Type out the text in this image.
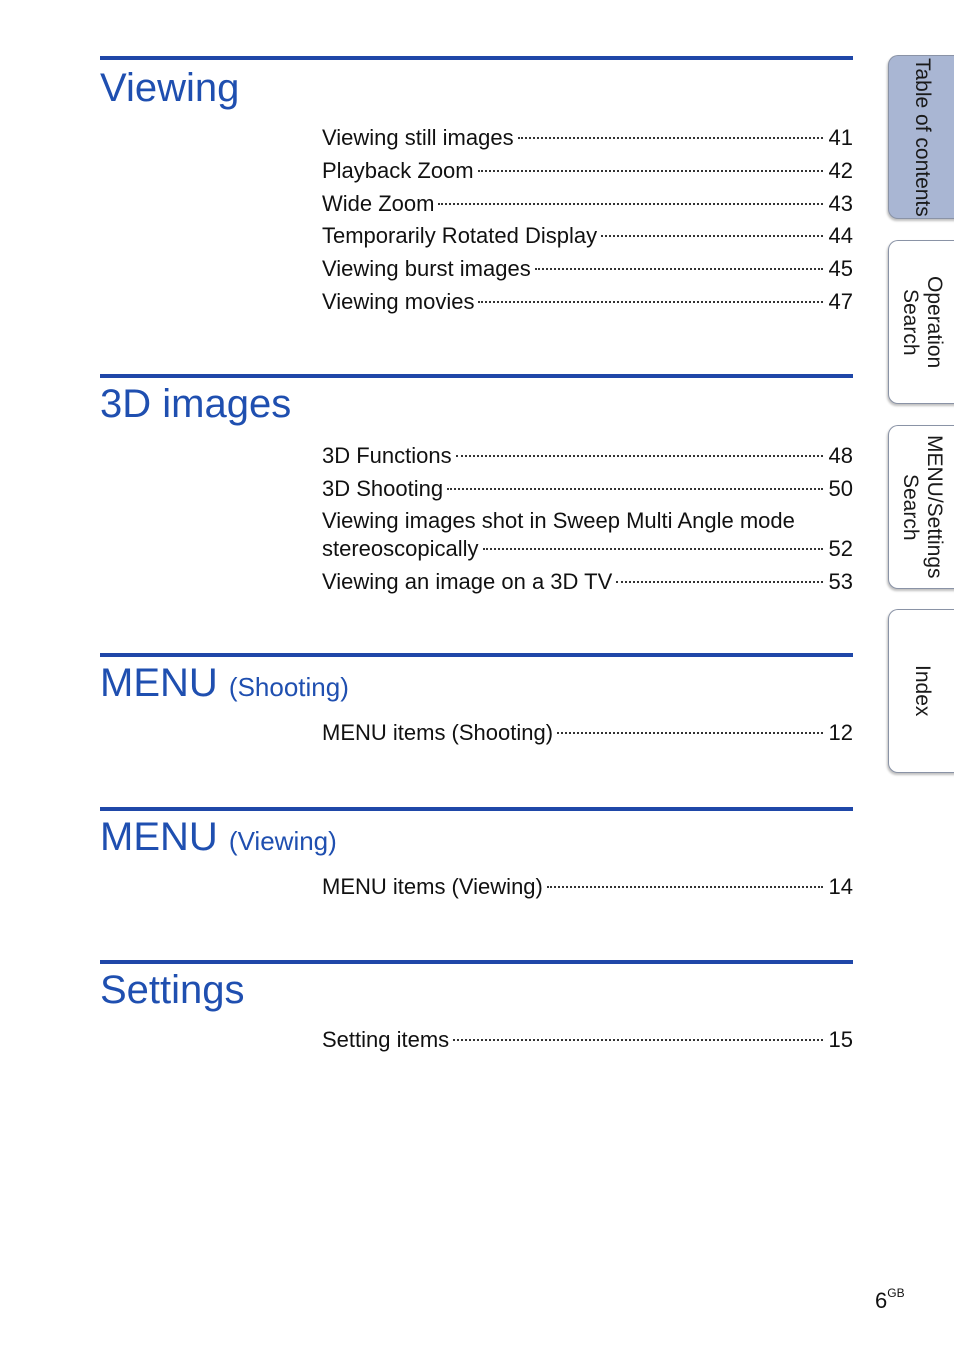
Viewing
Viewing still images	41
Playback Zoom	42
Wide Zoom	43
Temporarily Rotated Display	44
Viewing burst images	45
Viewing movies	47
3D images
3D Functions	48
3D Shooting	50
Viewing images shot in Sweep Multi Angle mode
stereoscopically	52
Viewing an image on a 3D TV	53
MENU (Shooting)
MENU items (Shooting)	12
MENU (Viewing)
MENU items (Viewing)	14
Settings
Setting items	15
Table of contents
Operation Search
MENU/Settings Search
Index
$6^{GB}$
